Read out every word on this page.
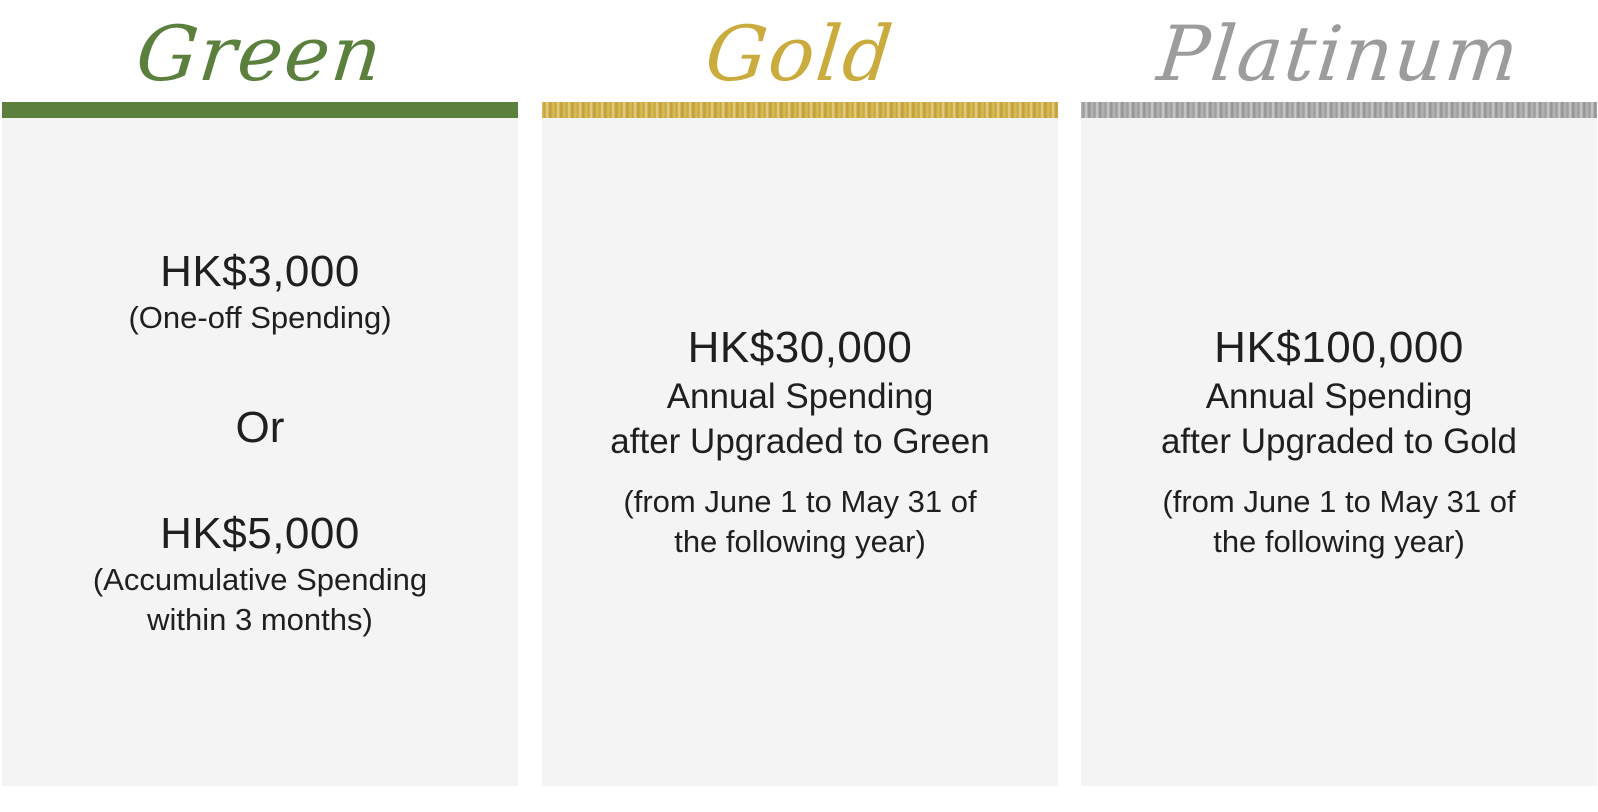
Green
HK$3,000
(One-off Spending)
Or
HK$5,000
(Accumulative Spending
within 3 months)
Gold
HK$30,000
Annual Spending
after Upgraded to Green
(from June 1 to May 31 of
the following year)
Platinum
HK$100,000
Annual Spending
after Upgraded to Gold
(from June 1 to May 31 of
the following year)
